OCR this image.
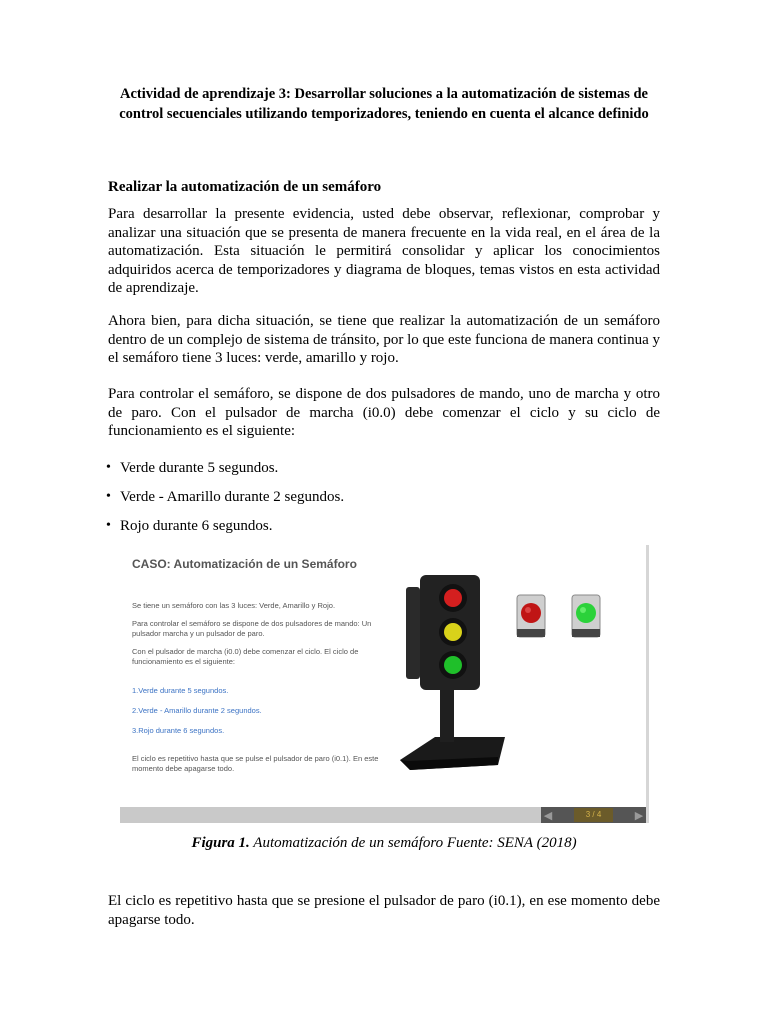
Actividad de aprendizaje 3: Desarrollar soluciones a la automatización de sistemas de control secuenciales utilizando temporizadores, teniendo en cuenta el alcance definido
Realizar la automatización de un semáforo
Para desarrollar la presente evidencia, usted debe observar, reflexionar, comprobar y analizar una situación que se presenta de manera frecuente en la vida real, en el área de la automatización. Esta situación le permitirá consolidar y aplicar los conocimientos adquiridos acerca de temporizadores y diagrama de bloques, temas vistos en esta actividad de aprendizaje.
Ahora bien, para dicha situación, se tiene que realizar la automatización de un semáforo dentro de un complejo de sistema de tránsito, por lo que este funciona de manera continua y el semáforo tiene 3 luces: verde, amarillo y rojo.
Para controlar el semáforo, se dispone de dos pulsadores de mando, uno de marcha y otro de paro. Con el pulsador de marcha (i0.0) debe comenzar el ciclo y su ciclo de funcionamiento es el siguiente:
• Verde durante 5 segundos.
• Verde - Amarillo durante 2 segundos.
• Rojo durante 6 segundos.
CASO: Automatización de un Semáforo
Se tiene un semáforo con las 3 luces: Verde, Amarillo y Rojo.
Para controlar el semáforo se dispone de dos pulsadores de mando: Un pulsador marcha y un pulsador de paro.
Con el pulsador de marcha (i0.0) debe comenzar el ciclo. El ciclo de funcionamiento es el siguiente:
1.Verde durante 5 segundos.
2.Verde - Amarillo durante 2 segundos.
3.Rojo durante 6 segundos.
El ciclo es repetitivo hasta que se pulse el pulsador de paro (i0.1). En este momento debe apagarse todo.
◀	3 / 4	▶
Figura 1. Automatización de un semáforo Fuente: SENA (2018)
El ciclo es repetitivo hasta que se presione el pulsador de paro (i0.1), en ese momento debe apagarse todo.
